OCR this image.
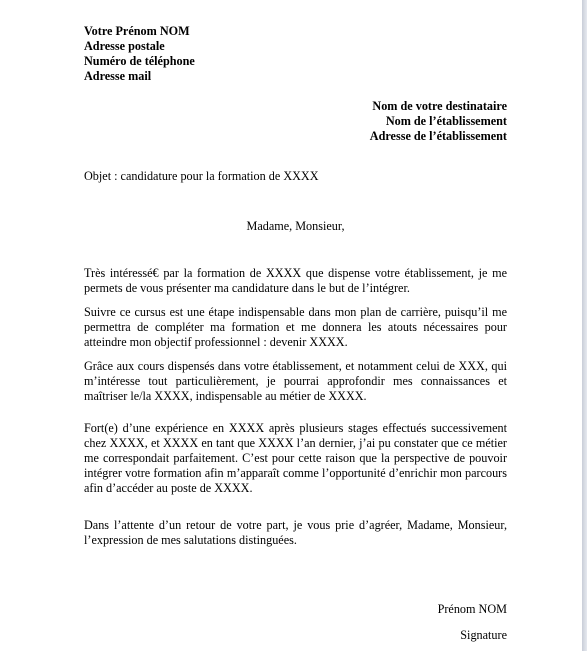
Votre Prénom NOM
Adresse postale
Numéro de téléphone
Adresse mail
Nom de votre destinataire
Nom de l’établissement
Adresse de l’établissement
Objet : candidature pour la formation de XXXX
Madame, Monsieur,
Très intéressé€ par la formation de XXXX que dispense votre établissement, je me permets de vous présenter ma candidature dans le but de l’intégrer.
Suivre ce cursus est une étape indispensable dans mon plan de carrière, puisqu’il me permettra de compléter ma formation et me donnera les atouts nécessaires pour atteindre mon objectif professionnel : devenir XXXX.
Grâce aux cours dispensés dans votre établissement, et notamment celui de XXX, qui m’intéresse tout particulièrement, je pourrai approfondir mes connaissances et maîtriser le/la XXXX, indispensable au métier de XXXX.
Fort(e) d’une expérience en XXXX après plusieurs stages effectués successivement chez XXXX, et XXXX en tant que XXXX l’an dernier, j’ai pu constater que ce métier me correspondait parfaitement. C’est pour cette raison que la perspective de pouvoir intégrer votre formation afin m’apparaît comme l’opportunité d’enrichir mon parcours afin d’accéder au poste de XXXX.
Dans l’attente d’un retour de votre part, je vous prie d’agréer, Madame, Monsieur, l’expression de mes salutations distinguées.
Prénom NOM
Signature
